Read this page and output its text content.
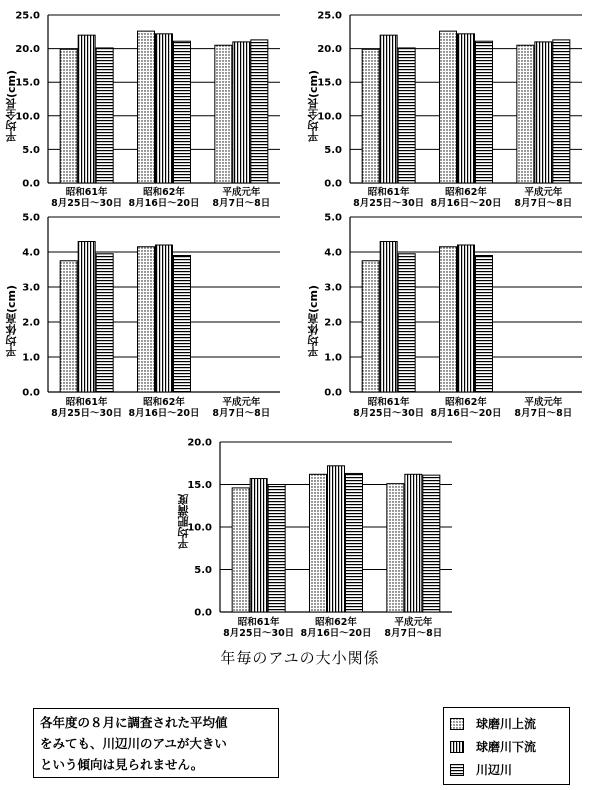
平均全長(cm)
0.0
5.0
10.0
15.0
20.0
25.0
昭和61年
8月25日〜30日
昭和62年
8月16日〜20日
平成元年
8月7日〜8日
平均全長(cm)
0.0
5.0
10.0
15.0
20.0
25.0
昭和61年
8月25日〜30日
昭和62年
8月16日〜20日
平成元年
8月7日〜8日
平均体高(cm)
0.0
1.0
2.0
3.0
4.0
5.0
昭和61年
8月25日〜30日
昭和62年
8月16日〜20日
平成元年
8月7日〜8日
平均体高(cm)
0.0
1.0
2.0
3.0
4.0
5.0
昭和61年
8月25日〜30日
昭和62年
8月16日〜20日
平成元年
8月7日〜8日
平均肥満度
0.0
5.0
10.0
15.0
20.0
昭和61年
8月25日〜30日
昭和62年
8月16日〜20日
平成元年
8月7日〜8日
年毎のアユの大小関係
各年度の８月に調査された平均値
をみても、川辺川のアユが大きい
という傾向は見られません。
球磨川上流
球磨川下流
川辺川
